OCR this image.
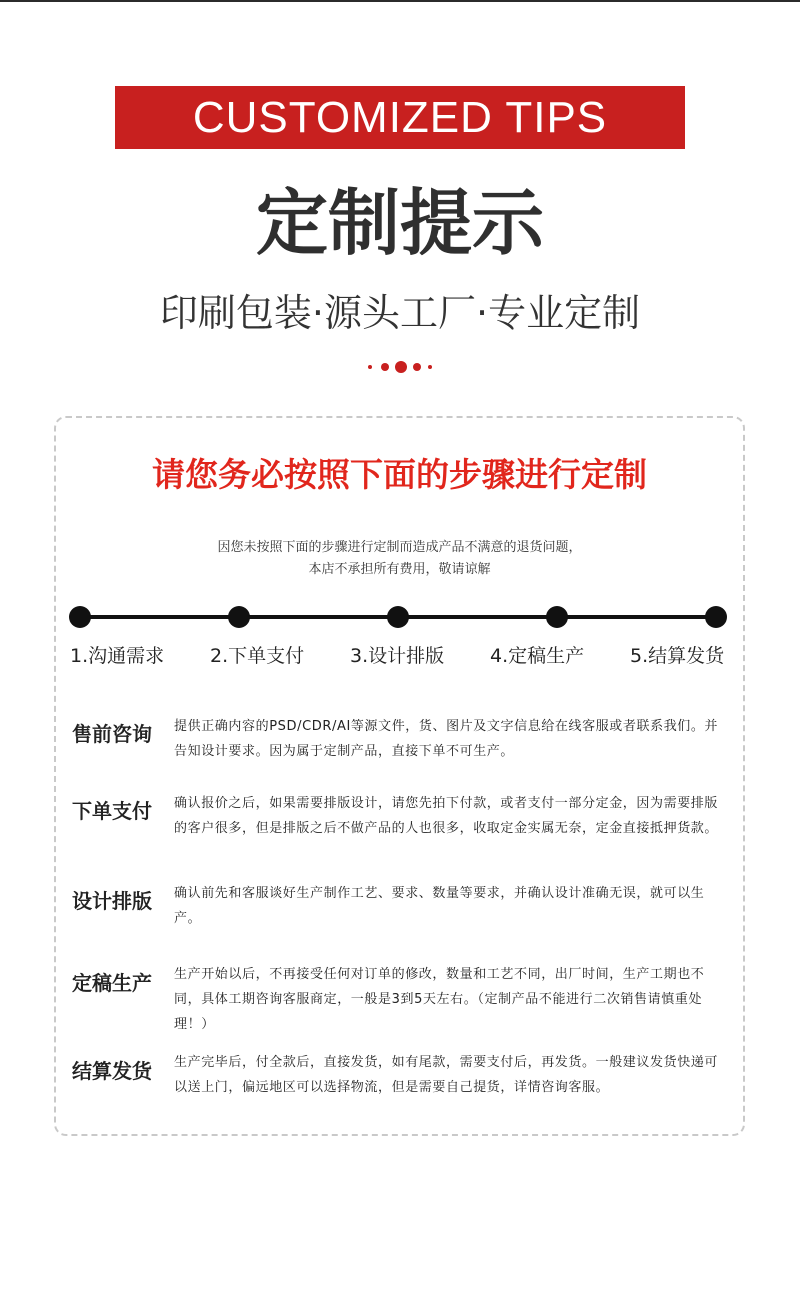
CUSTOMIZED TIPS
定制提示
印刷包装·源头工厂·专业定制
请您务必按照下面的步骤进行定制
因您未按照下面的步骤进行定制而造成产品不满意的退货问题，
本店不承担所有费用，敬请谅解
1.沟通需求 2.下单支付 3.设计排版 4.定稿生产 5.结算发货
售前咨询 提供正确内容的PSD/CDR/AI等源文件，货、图片及文字信息给在线客服或者联系我们。并告知设计要求。因为属于定制产品，直接下单不可生产。
下单支付 确认报价之后，如果需要排版设计，请您先拍下付款，或者支付一部分定金，因为需要排版的客户很多，但是排版之后不做产品的人也很多，收取定金实属无奈，定金直接抵押货款。
设计排版 确认前先和客服谈好生产制作工艺、要求、数量等要求，并确认设计准确无误，就可以生产。
定稿生产 生产开始以后，不再接受任何对订单的修改，数量和工艺不同，出厂时间，生产工期也不同，具体工期咨询客服商定，一般是3到5天左右。（定制产品不能进行二次销售请慎重处理！）
结算发货 生产完毕后，付全款后，直接发货，如有尾款，需要支付后，再发货。一般建议发货快递可以送上门，偏远地区可以选择物流，但是需要自己提货，详情咨询客服。
